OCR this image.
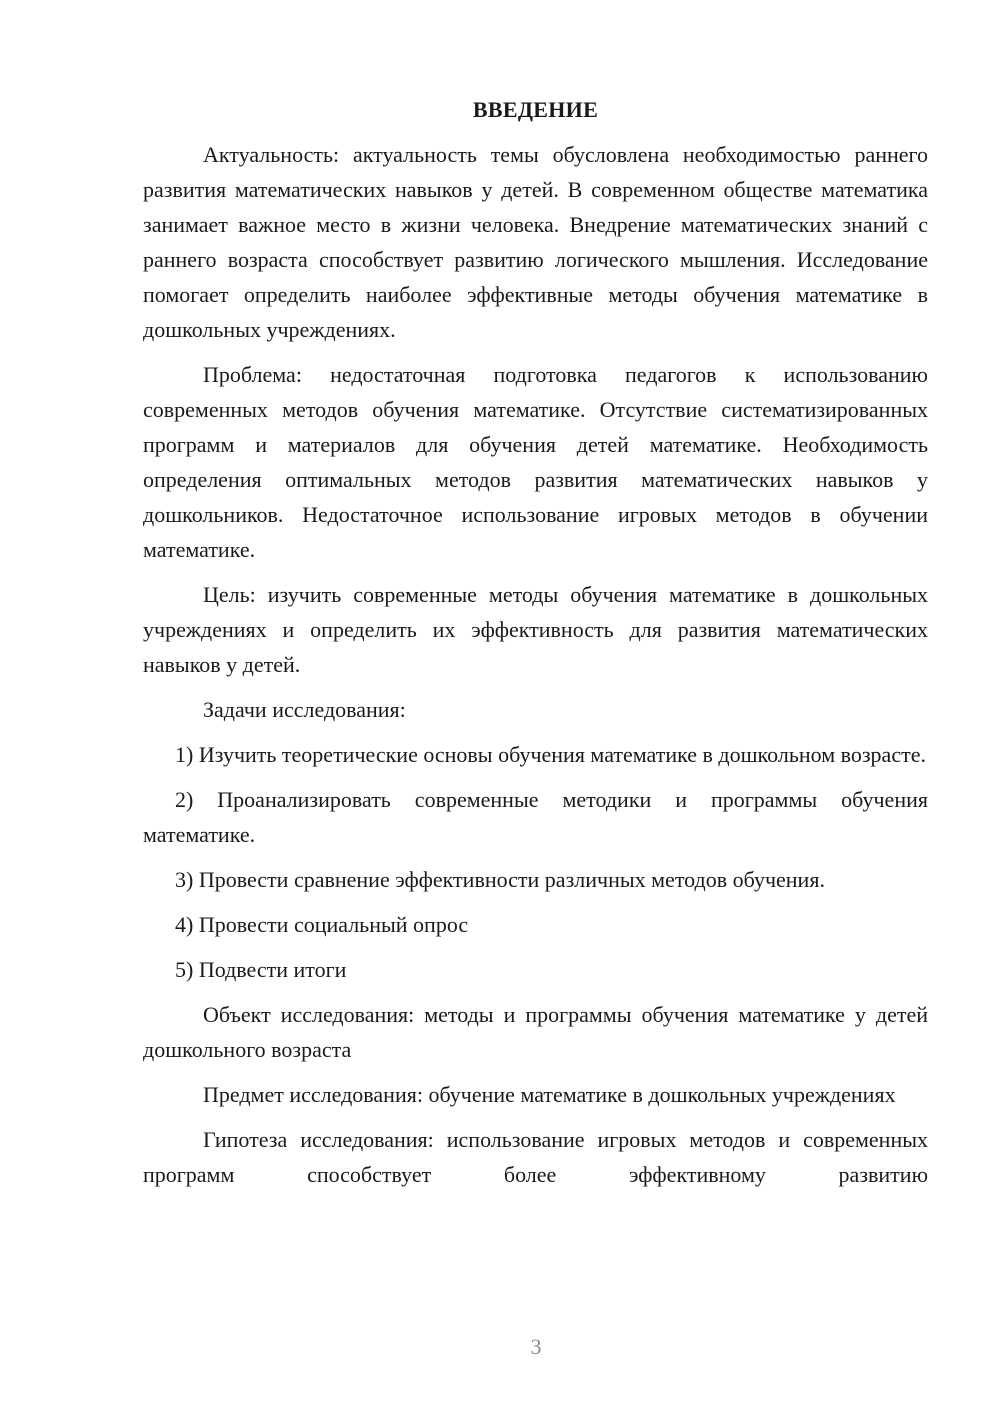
ВВЕДЕНИЕ
Актуальность: актуальность темы обусловлена необходимостью раннего развития математических навыков у детей. В современном обществе математика занимает важное место в жизни человека. Внедрение математических знаний с раннего возраста способствует развитию логического мышления. Исследование помогает определить наиболее эффективные методы обучения математике в дошкольных учреждениях.
Проблема: недостаточная подготовка педагогов к использованию современных методов обучения математике. Отсутствие систематизированных программ и материалов для обучения детей математике. Необходимость определения оптимальных методов развития математических навыков у дошкольников. Недостаточное использование игровых методов в обучении математике.
Цель: изучить современные методы обучения математике в дошкольных учреждениях и определить их эффективность для развития математических навыков у детей.
Задачи исследования:
1) Изучить теоретические основы обучения математике в дошкольном возрасте.
2) Проанализировать современные методики и программы обучения математике.
3) Провести сравнение эффективности различных методов обучения.
4) Провести социальный опрос
5) Подвести итоги
Объект исследования: методы и программы обучения математике у детей дошкольного возраста
Предмет исследования: обучение математике в дошкольных учреждениях
Гипотеза исследования: использование игровых методов и современных программ способствует более эффективному развитию
3
